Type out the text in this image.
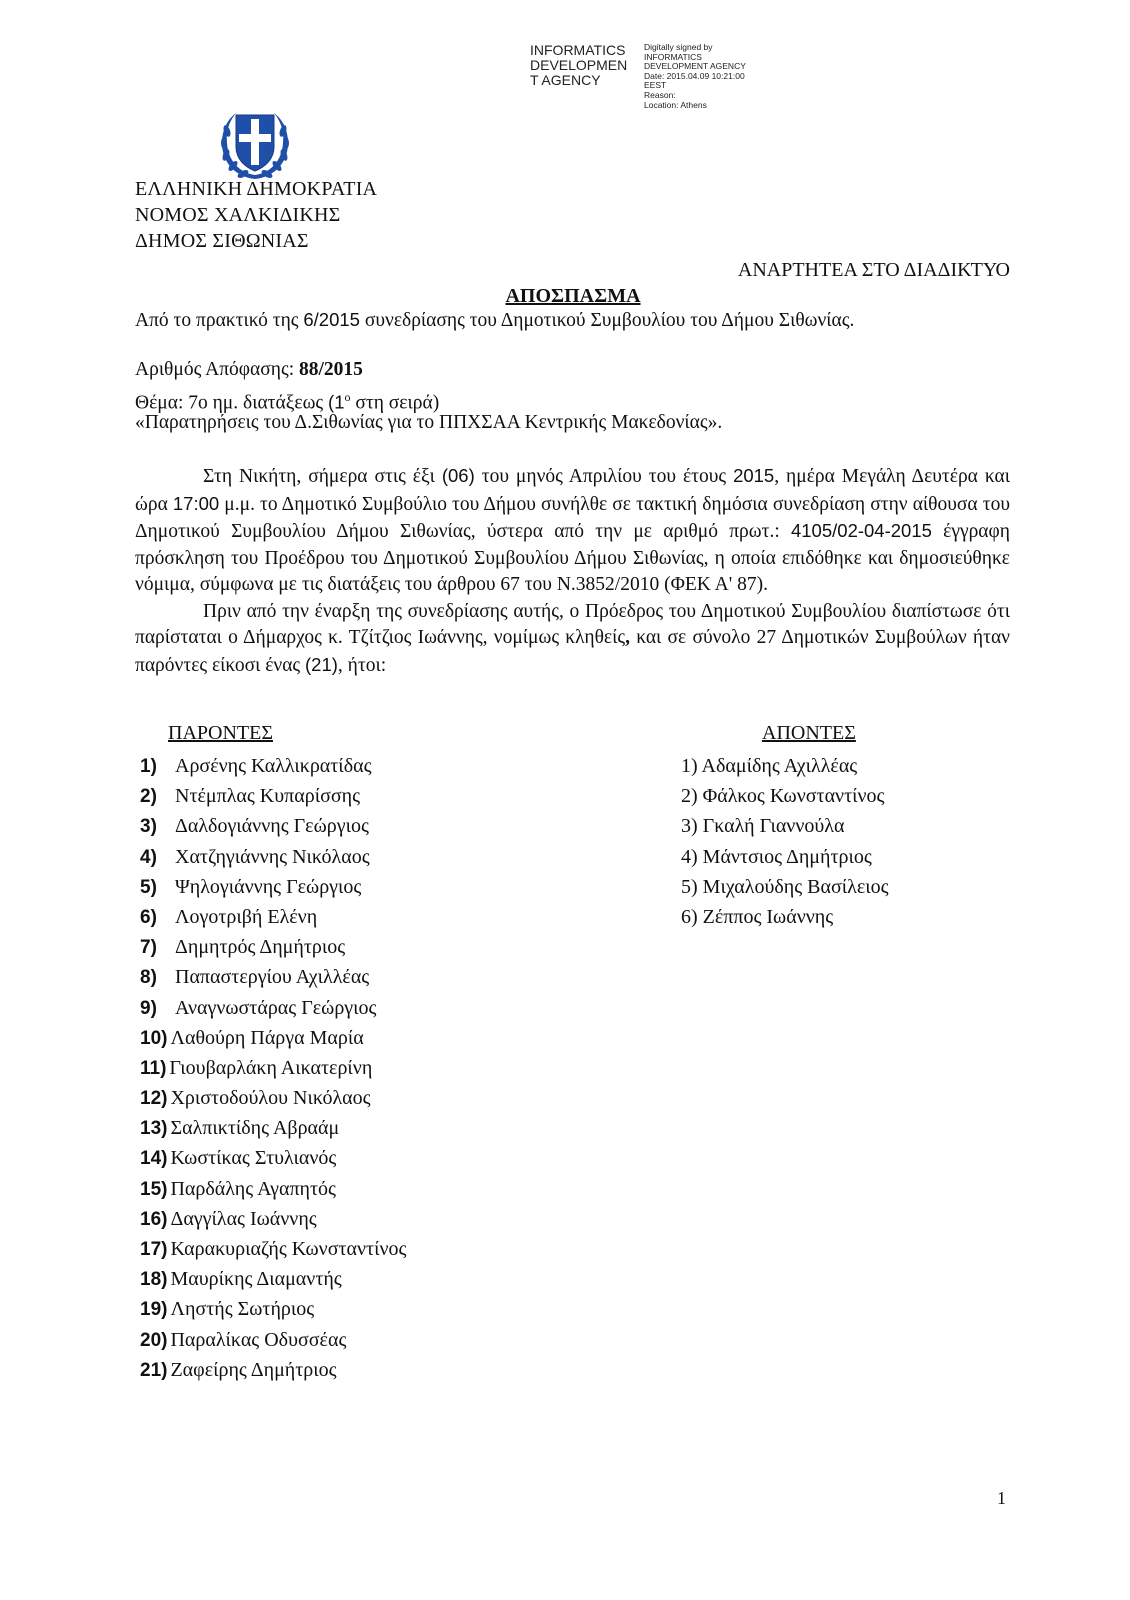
INFORMATICS
DEVELOPMEN
T AGENCY
Digitally signed by
INFORMATICS
DEVELOPMENT AGENCY
Date: 2015.04.09 10:21:00
EEST
Reason:
Location: Athens
ΕΛΛΗΝΙΚΗ ΔΗΜΟΚΡΑΤΙΑ
ΝΟΜΟΣ ΧΑΛΚΙΔΙΚΗΣ
ΔΗΜΟΣ ΣΙΘΩΝΙΑΣ
ΑΝΑΡΤΗΤΕΑ ΣΤΟ ΔΙΑΔΙΚΤΥΟ
ΑΠΟΣΠΑΣΜΑ
Από το πρακτικό της 6/2015 συνεδρίασης του Δημοτικού Συμβουλίου του Δήμου Σιθωνίας.
Αριθμός Απόφασης: 88/2015
Θέμα: 7ο ημ. διατάξεως ($1^o$ στη σειρά)
«Παρατηρήσεις του Δ.Σιθωνίας για το ΠΠΧΣΑΑ Κεντρικής Μακεδονίας».

Στη Νικήτη, σήμερα στις έξι (06) του μηνός Απριλίου του έτους 2015, ημέρα Μεγάλη Δευτέρα και ώρα 17:00 μ.μ. το Δημοτικό Συμβούλιο του Δήμου συνήλθε σε τακτική δημόσια συνεδρίαση στην αίθουσα του Δημοτικού Συμβουλίου Δήμου Σιθωνίας, ύστερα από την με αριθμό πρωτ.: 4105/02-04-2015 έγγραφη πρόσκληση του Προέδρου του Δημοτικού Συμβουλίου Δήμου Σιθωνίας, η οποία επιδόθηκε και δημοσιεύθηκε νόμιμα, σύμφωνα με τις διατάξεις του άρθρου 67 του Ν.3852/2010 (ΦΕΚ Α' 87).

Πριν από την έναρξη της συνεδρίασης αυτής, ο Πρόεδρος του Δημοτικού Συμβουλίου διαπίστωσε ότι παρίσταται ο Δήμαρχος κ. Τζίτζιος Ιωάννης, νομίμως κληθείς, και σε σύνολο 27 Δημοτικών Συμβούλων ήταν παρόντες είκοσι ένας (21), ήτοι:

ΠΑΡΟΝΤΕΣ	ΑΠΟΝΤΕΣ
1) Αρσένης Καλλικρατίδας
2) Ντέμπλας Κυπαρίσσης
3) Δαλδογιάννης Γεώργιος
4) Χατζηγιάννης Νικόλαος
5) Ψηλογιάννης Γεώργιος
6) Λογοτριβή Ελένη
7) Δημητρός Δημήτριος
8) Παπαστεργίου Αχιλλέας
9) Αναγνωστάρας Γεώργιος
10) Λαθούρη Πάργα Μαρία
11) Γιουβαρλάκη Αικατερίνη
12) Χριστοδούλου Νικόλαος
13) Σαλπικτίδης Αβραάμ
14) Κωστίκας Στυλιανός
15) Παρδάλης Αγαπητός
16) Δαγγίλας Ιωάννης
17) Καρακυριαζής Κωνσταντίνος
18) Μαυρίκης Διαμαντής
19) Ληστής Σωτήριος
20) Παραλίκας Οδυσσέας
21) Ζαφείρης Δημήτριος
1) Αδαμίδης Αχιλλέας
2) Φάλκος Κωνσταντίνος
3) Γκαλή Γιαννούλα
4) Μάντσιος Δημήτριος
5) Μιχαλούδης Βασίλειος
6) Ζέππος Ιωάννης
1
